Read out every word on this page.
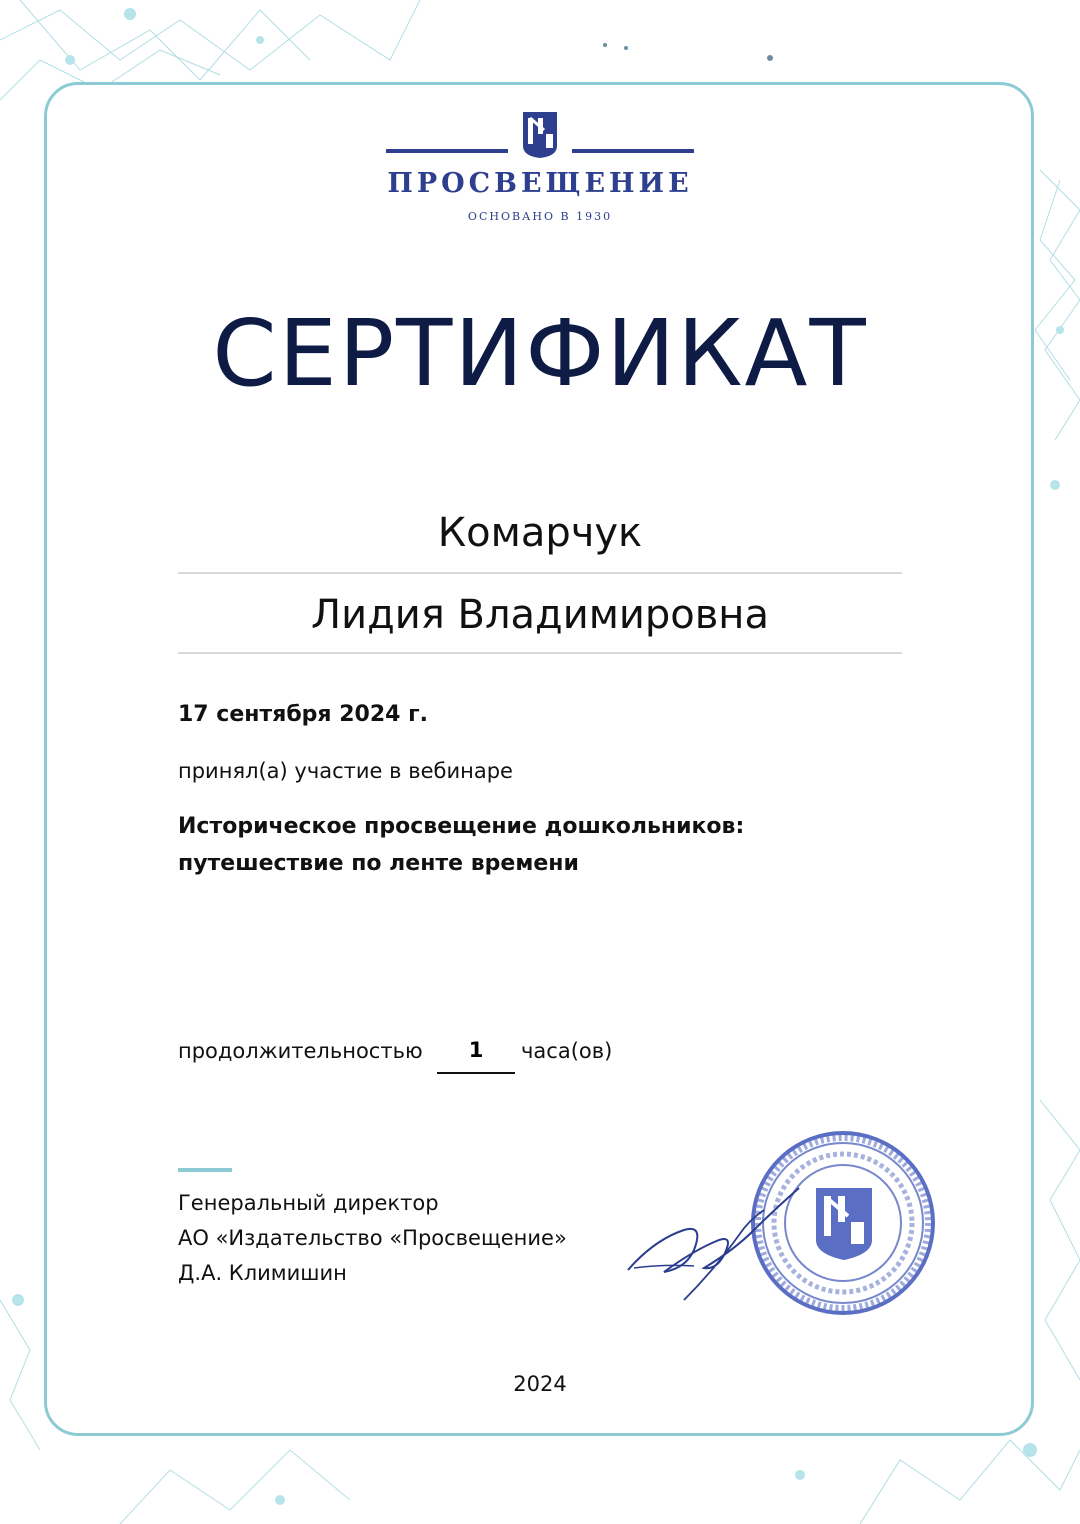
ПРОСВЕЩЕНИЕ
ОСНОВАНО В 1930
СЕРТИФИКАТ
Комарчук
Лидия Владимировна
17 сентября 2024 г.
принял(а) участие в вебинаре
Историческое просвещение дошкольников:
путешествие по ленте времени
продолжительностью	1	часа(ов)
Генеральный директор
АО «Издательство «Просвещение»
Д.А. Климишин
2024
